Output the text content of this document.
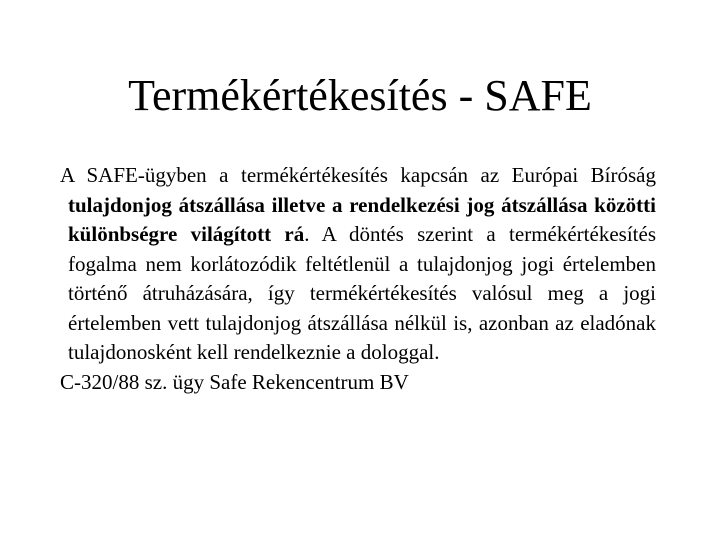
Termékértékesítés - SAFE

A SAFE-ügyben a termékértékesítés kapcsán az Európai Bíróság tulajdonjog átszállása illetve a rendelkezési jog átszállása közötti különbségre világított rá. A döntés szerint a termékértékesítés fogalma nem korlátozódik feltétlenül a tulajdonjog jogi értelemben történő átruházására, így termékértékesítés valósul meg a jogi értelemben vett tulajdonjog átszállása nélkül is, azonban az eladónak tulajdonosként kell rendelkeznie a dologgal.

C-320/88 sz. ügy Safe Rekencentrum BV
